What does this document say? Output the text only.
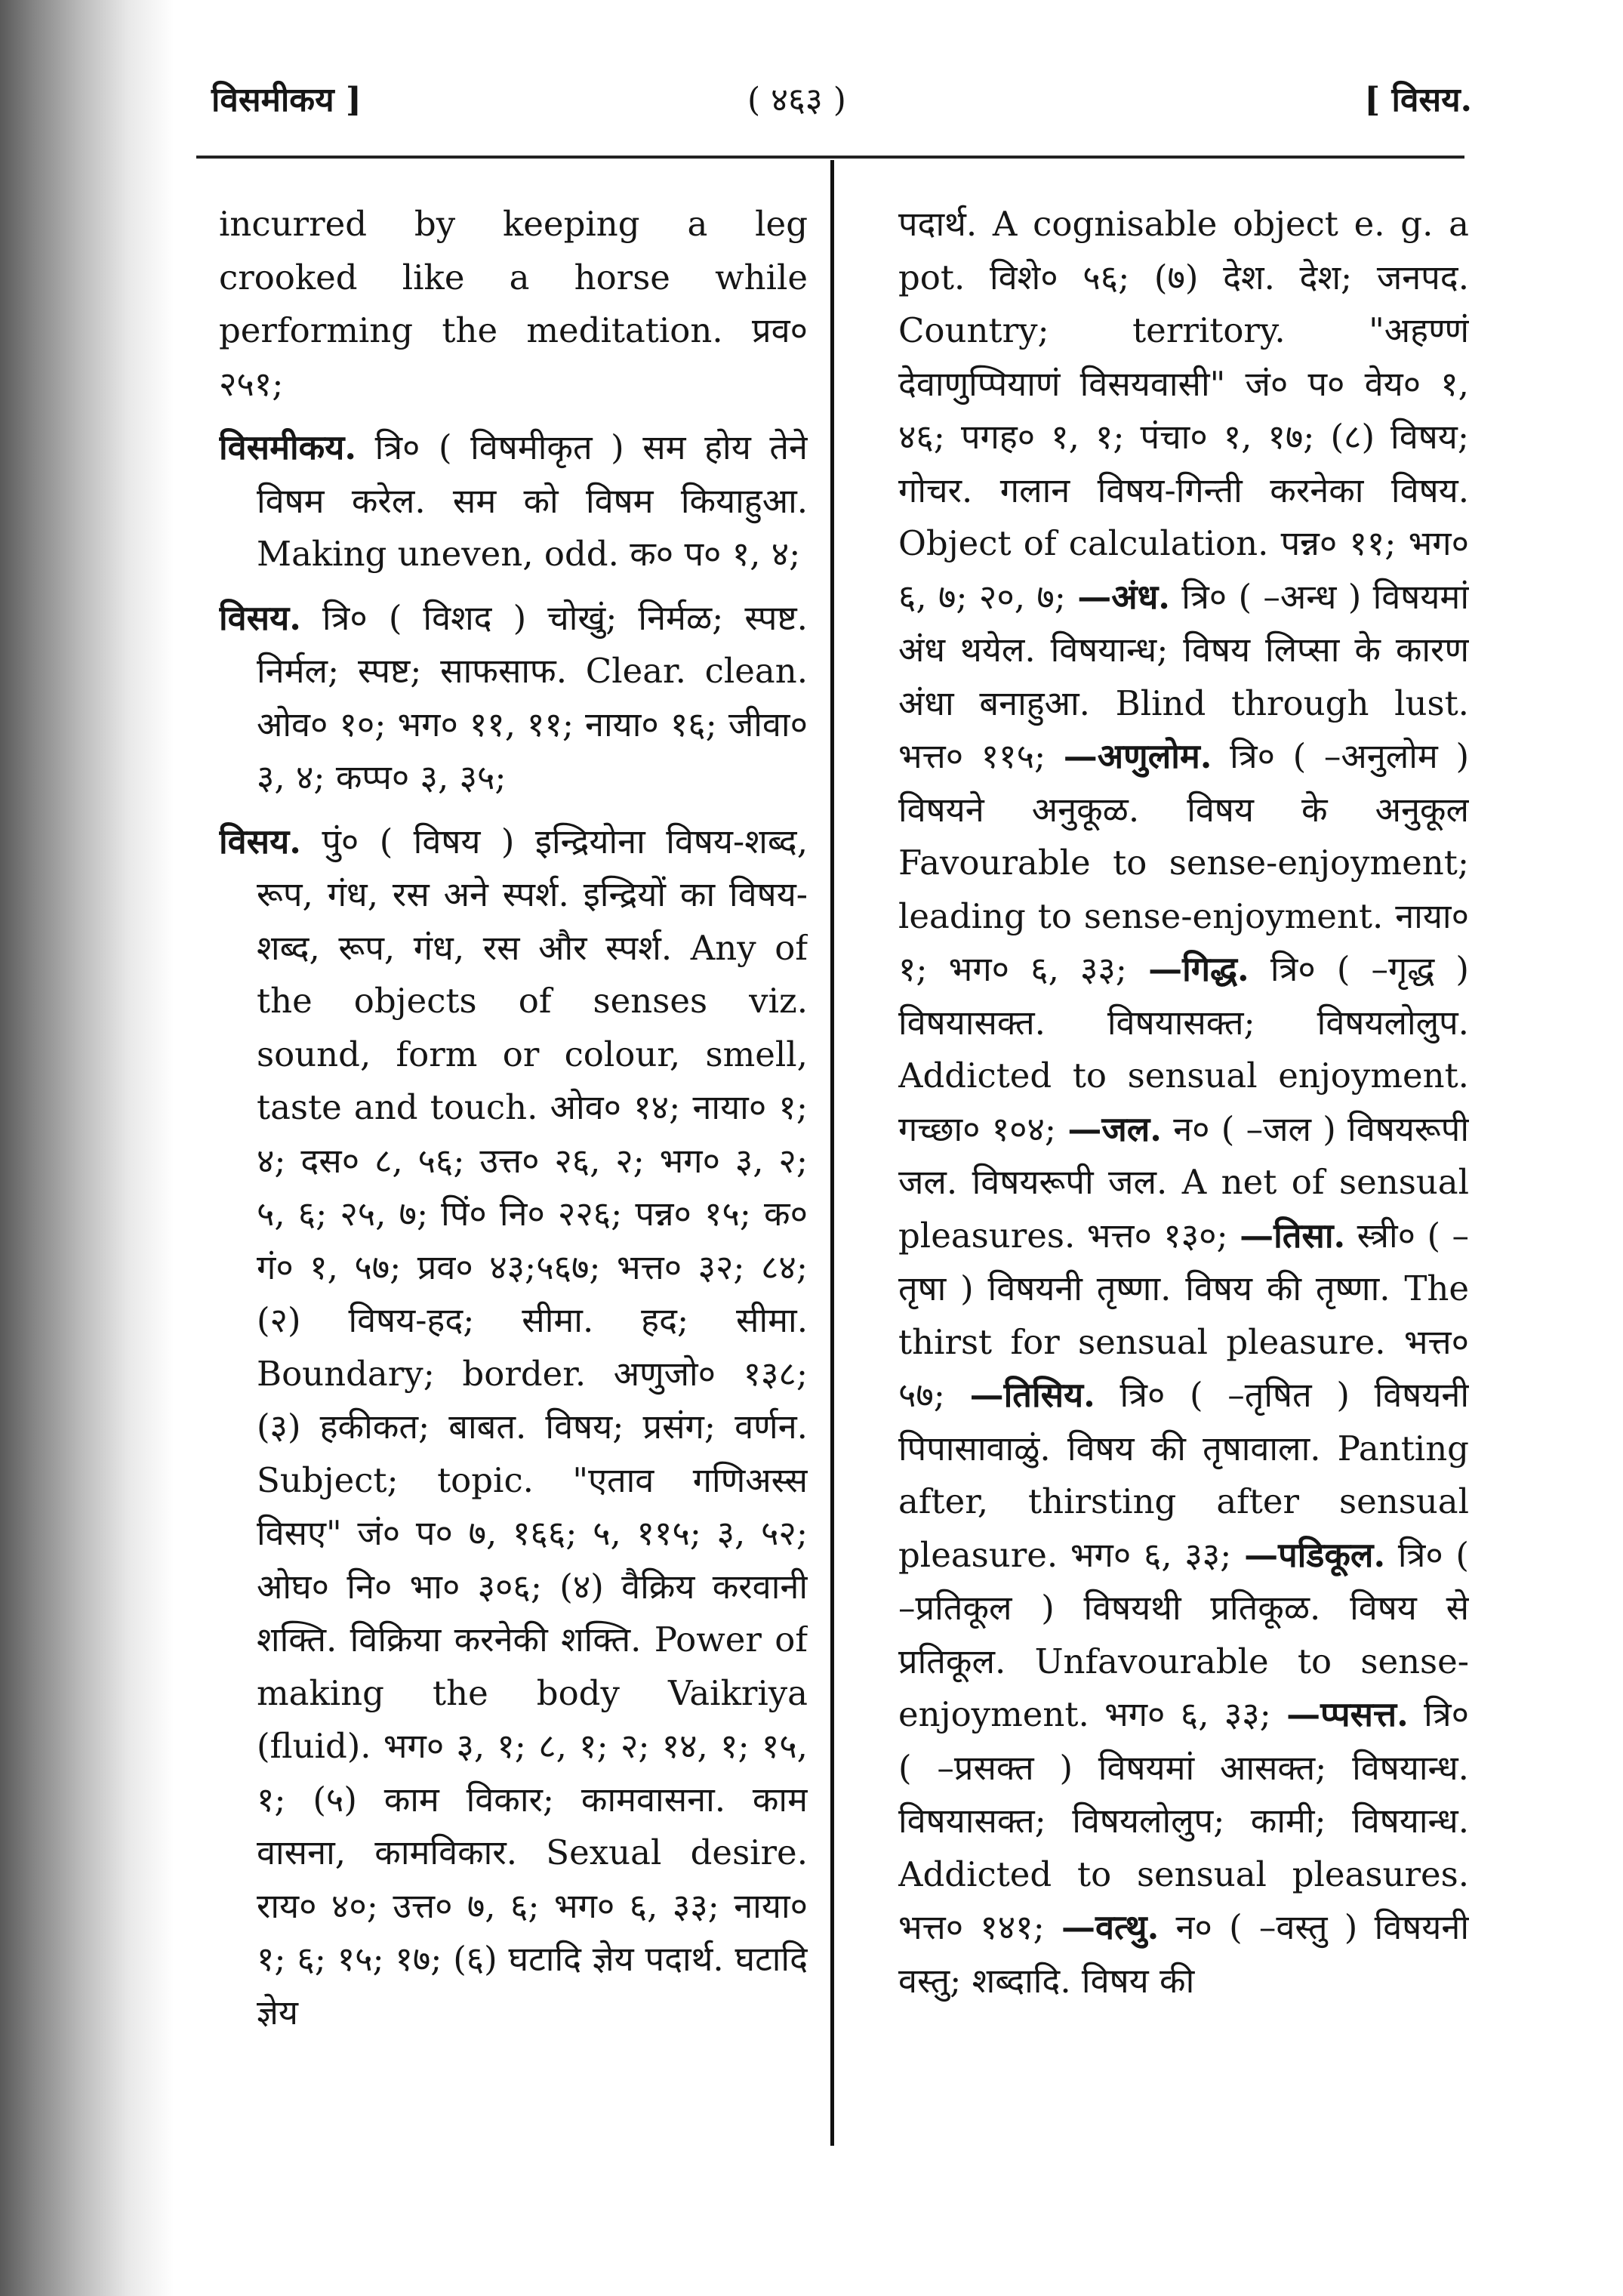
विसमीकय ]	( ४६३ )	[ विसय.

incurred by keeping a leg crooked like a horse while performing the meditation. प्रव० २५१;

विसमीकय. त्रि० ( विषमीकृत ) सम होय तेने विषम करेल. सम को विषम कियाहुआ. Making uneven, odd. क० प० १, ४;

विसय. त्रि० ( विशद ) चोखुं; निर्मळ; स्पष्ट. निर्मल; स्पष्ट; साफसाफ. Clear. clean. ओव० १०; भग० ११, ११; नाया० १६; जीवा० ३, ४; कप्प० ३, ३५;

विसय. पुं० ( विषय ) इन्द्रियोना विषय-शब्द, रूप, गंध, रस अने स्पर्श. इन्द्रियों का विषय-शब्द, रूप, गंध, रस और स्पर्श. Any of the objects of senses viz. sound, form or colour, smell, taste and touch. ओव० १४; नाया० १; ४; दस० ८, ५६; उत्त० २६, २; भग० ३, २; ५, ६; २५, ७; पिं० नि० २२६; पन्न० १५; क० गं० १, ५७; प्रव० ४३;५६७; भत्त० ३२; ८४; (२) विषय-हद; सीमा. हद; सीमा. Boundary; border. अणुजो० १३८; (३) हकीकत; बाबत. विषय; प्रसंग; वर्णन. Subject; topic. "एताव गणिअस्स विसए" जं० प० ७, १६६; ५, ११५; ३, ५२; ओघ० नि० भा० ३०६; (४) वैक्रिय करवानी शक्ति. विक्रिया करनेकी शक्ति. Power of making the body Vaikriya (fluid). भग० ३, १; ८, १; २; १४, १; १५, १; (५) काम विकार; कामवासना. काम वासना, कामविकार. Sexual desire. राय० ४०; उत्त० ७, ६; भग० ६, ३३; नाया० १; ६; १५; १७; (६) घटादि ज्ञेय पदार्थ. घटादि ज्ञेय

पदार्थ. A cognisable object e. g. a pot. विशे० ५६; (७) देश. देश; जनपद. Country; territory. "अहण्णं देवाणुप्पियाणं विसयवासी" जं० प० वेय० १, ४६; पगह० १, १; पंचा० १, १७; (८) विषय; गोचर. गलान विषय-गिन्ती करनेका विषय. Object of calculation. पन्न० ११; भग० ६, ७; २०, ७; —अंध. त्रि० ( –अन्ध ) विषयमां अंध थयेल. विषयान्ध; विषय लिप्सा के कारण अंधा बनाहुआ. Blind through lust. भत्त० ११५; —अणुलोम. त्रि० ( –अनुलोम ) विषयने अनुकूळ. विषय के अनुकूल Favourable to sense-enjoyment; leading to sense-enjoyment. नाया० १; भग० ६, ३३; —गिद्ध. त्रि० ( –गृद्ध ) विषयासक्त. विषयासक्त; विषयलोलुप. Addicted to sensual enjoyment. गच्छा० १०४; —जल. न० ( –जल ) विषयरूपी जल. विषयरूपी जल. A net of sensual pleasures. भत्त० १३०; —तिसा. स्त्री० ( –तृषा ) विषयनी तृष्णा. विषय की तृष्णा. The thirst for sensual pleasure. भत्त० ५७; —तिसिय. त्रि० ( –तृषित ) विषयनी पिपासावाळुं. विषय की तृषावाला. Panting after, thirsting after sensual pleasure. भग० ६, ३३; —पडिकूल. त्रि० ( –प्रतिकूल ) विषयथी प्रतिकूळ. विषय से प्रतिकूल. Unfavourable to sense-enjoyment. भग० ६, ३३; —प्पसत्त. त्रि० ( –प्रसक्त ) विषयमां आसक्त; विषयान्ध. विषयासक्त; विषयलोलुप; कामी; विषयान्ध. Addicted to sensual pleasures. भत्त० १४१; —वत्थु. न० ( –वस्तु ) विषयनी वस्तु; शब्दादि. विषय की
